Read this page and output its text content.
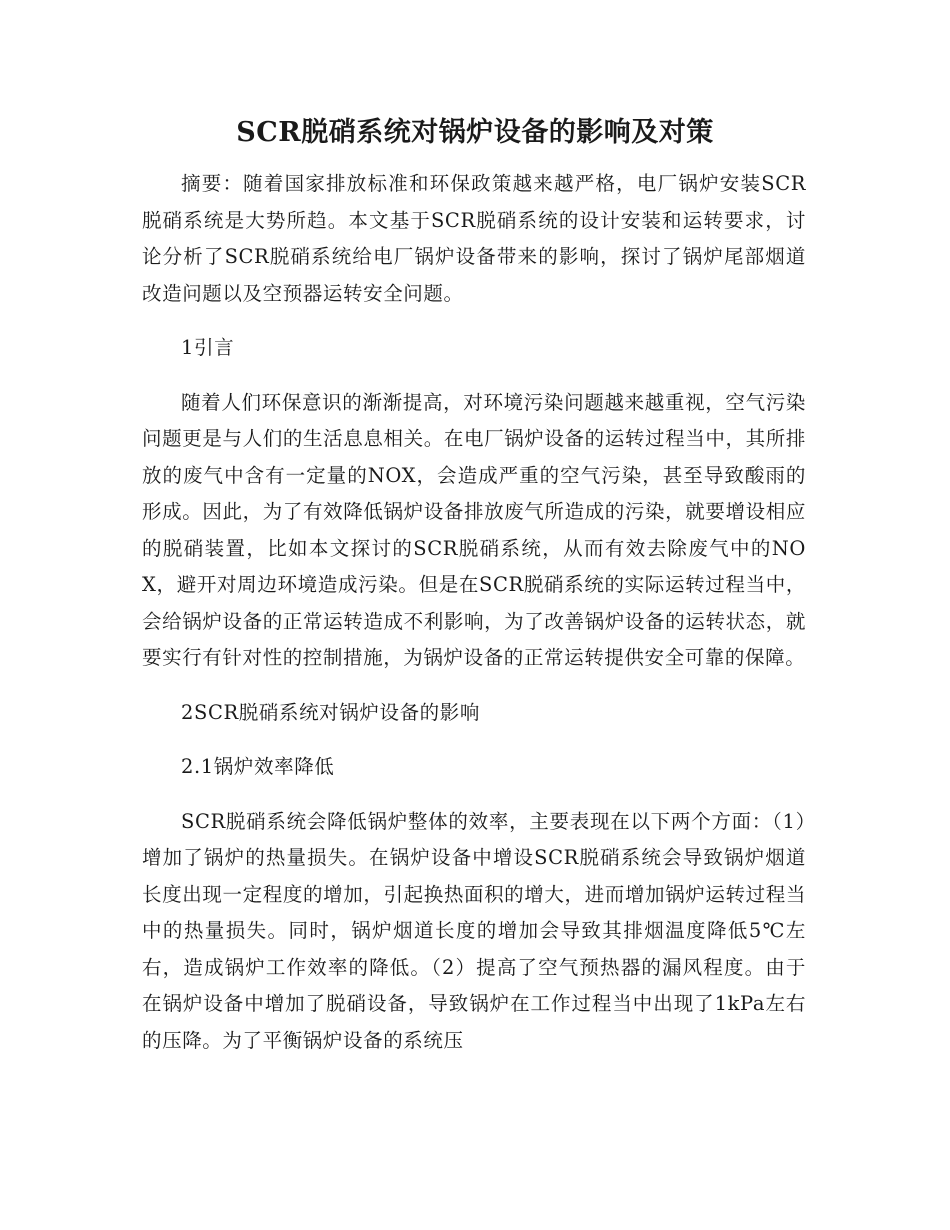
SCR脱硝系统对锅炉设备的影响及对策

摘要：随着国家排放标准和环保政策越来越严格，电厂锅炉安装SCR脱硝系统是大势所趋。本文基于SCR脱硝系统的设计安装和运转要求，讨论分析了SCR脱硝系统给电厂锅炉设备带来的影响，探讨了锅炉尾部烟道改造问题以及空预器运转安全问题。

1引言

随着人们环保意识的渐渐提高，对环境污染问题越来越重视，空气污染问题更是与人们的生活息息相关。在电厂锅炉设备的运转过程当中，其所排放的废气中含有一定量的NOX，会造成严重的空气污染，甚至导致酸雨的形成。因此，为了有效降低锅炉设备排放废气所造成的污染，就要增设相应的脱硝装置，比如本文探讨的SCR脱硝系统，从而有效去除废气中的NOX，避开对周边环境造成污染。但是在SCR脱硝系统的实际运转过程当中，会给锅炉设备的正常运转造成不利影响，为了改善锅炉设备的运转状态，就要实行有针对性的控制措施，为锅炉设备的正常运转提供安全可靠的保障。

2SCR脱硝系统对锅炉设备的影响

2.1锅炉效率降低

SCR脱硝系统会降低锅炉整体的效率，主要表现在以下两个方面：（1）增加了锅炉的热量损失。在锅炉设备中增设SCR脱硝系统会导致锅炉烟道长度出现一定程度的增加，引起换热面积的增大，进而增加锅炉运转过程当中的热量损失。同时，锅炉烟道长度的增加会导致其排烟温度降低5℃左右，造成锅炉工作效率的降低。（2）提高了空气预热器的漏风程度。由于在锅炉设备中增加了脱硝设备，导致锅炉在工作过程当中出现了1kPa左右的压降。为了平衡锅炉设备的系统压
